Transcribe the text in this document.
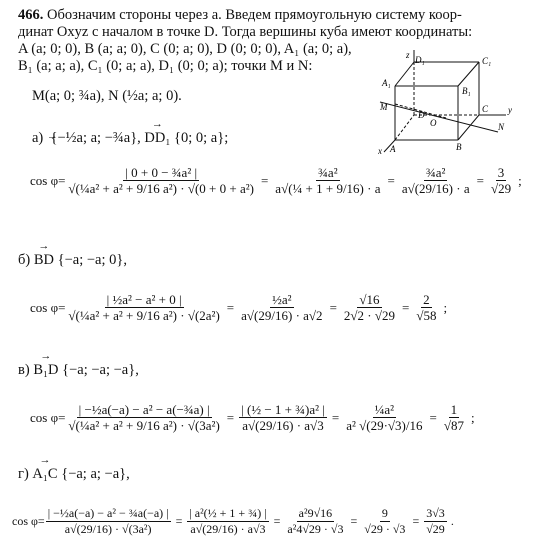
466. Обозначим стороны через а. Введем прямоугольную систему коор-
динат Oxyz с началом в точке D. Тогда вершины куба имеют координаты:
A (a; 0; 0), B (a; a; 0), C (0; a; 0), D (0; 0; 0), A₁ (a; 0; a),
B₁ (a; a; a), C₁ (0; a; a), D₁ (0; 0; a); точки M и N:
M(a; 0; ¾a), N (½a; a; 0).
D₁	C₁
A₁
B₁
M
D
O
C y
N
A	B
x
z
а) {−½a; a; −¾a}, → DD₁ {0; 0; a};
$\cos \varphi= \frac{\text{| 0 + 0 − ¾a² |}}{\text{√(¼a² + a² + 9/16 a²) · √(0 + 0 + a²)}} = \frac{\text{¾a²}}{\text{a√(¼ + 1 + 9/16) · a}} = \frac{\text{¾a²}}{a√(29/16) \cdot a} = \frac{3}{√29}$ ;
б) → BD {−a; −a; 0},
$\cos \varphi= \frac{\text{| ½a² − a² + 0 |}}{\text{√(¼a² + a² + 9/16 a²) · √(2a²)}} = \frac{\text{½a²}}{a√(29/16) \cdot a√2} = \frac{√16}{2√2 \cdot √29} = \frac{2}{√58}$ ;
в) → B₁D {−a; −a; −a},
$\cos \varphi= \frac{\text{| −½a(−a) − a² − a(−¾a) |}}{\text{√(¼a² + a² + 9/16 a²) · √(3a²)}} = \frac{\text{| (½ − 1 + ¾)a² |}}{a√(29/16) \cdot a√3} = \frac{\text{¼a²}}{\text{a² √(29·√3)/16}} = \frac{1}{√87}$ ;
г) → A₁C {−a; a; −a},
$\cos \varphi= \frac{\text{| −½a(−a) − a² − ¾a(−a) |}}{\text{a√(29/16) · √(3a²)}} = \frac{\text{| a²(½ + 1 + ¾) |}}{a√(29/16) \cdot a√3} = \frac{\text{a²9√16}}{\text{a²4√29 · √3}} = \frac{9}{√29 \cdot √3} = \frac{3√3}{√29}$ .
